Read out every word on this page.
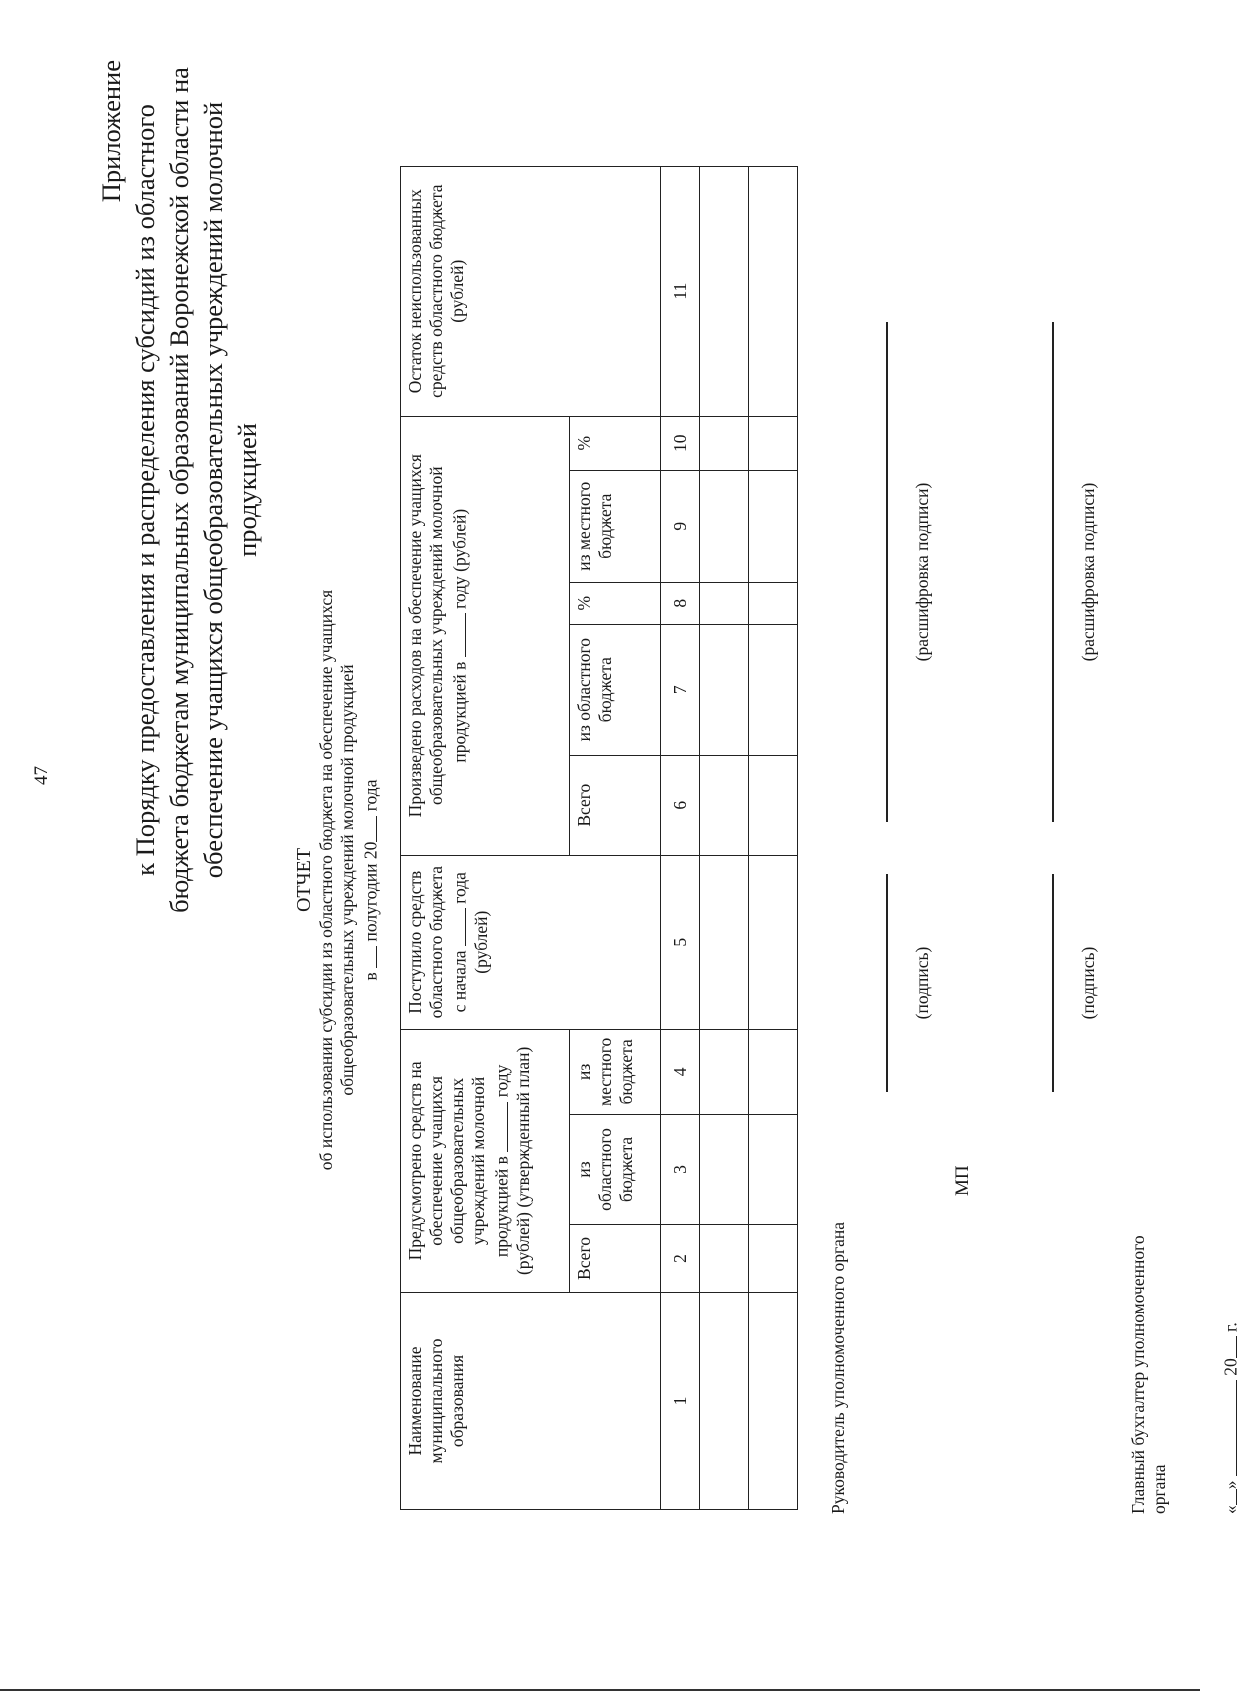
47
Приложение к Порядку предоставления и распределения субсидий из областного бюджета бюджетам муниципальных образований Воронежской области на обеспечение учащихся общеобразовательных учреждений молочной продукцией
ОТЧЕТ об использовании субсидии из областного бюджета на обеспечение учащихся общеобразовательных учреждений молочной продукцией в  полугодии 20 года
Наименование муниципального образования	Предусмотрено средств на обеспечение учащихся общеобразовательных учреждений молочной продукцией в  году (рублей) (утвержденный план)			Поступило средств областного бюджета с начала  года (рублей)	Произведено расходов на обеспечение учащихся общеобразовательных учреждений молочной продукцией в  году (рублей)					Остаток неиспользованных средств областного бюджета (рублей)
	Всего	из областного бюджета	из местного бюджета		Всего	из областного бюджета	%	из местного бюджета	%	
1	2	3	4	5	6	7	8	9	10	11

Руководитель уполномоченного органа
(подпись)
(расшифровка подписи)
МП
Главный бухгалтер уполномоченного органа
(подпись)
(расшифровка подписи)
«»  20 г.
